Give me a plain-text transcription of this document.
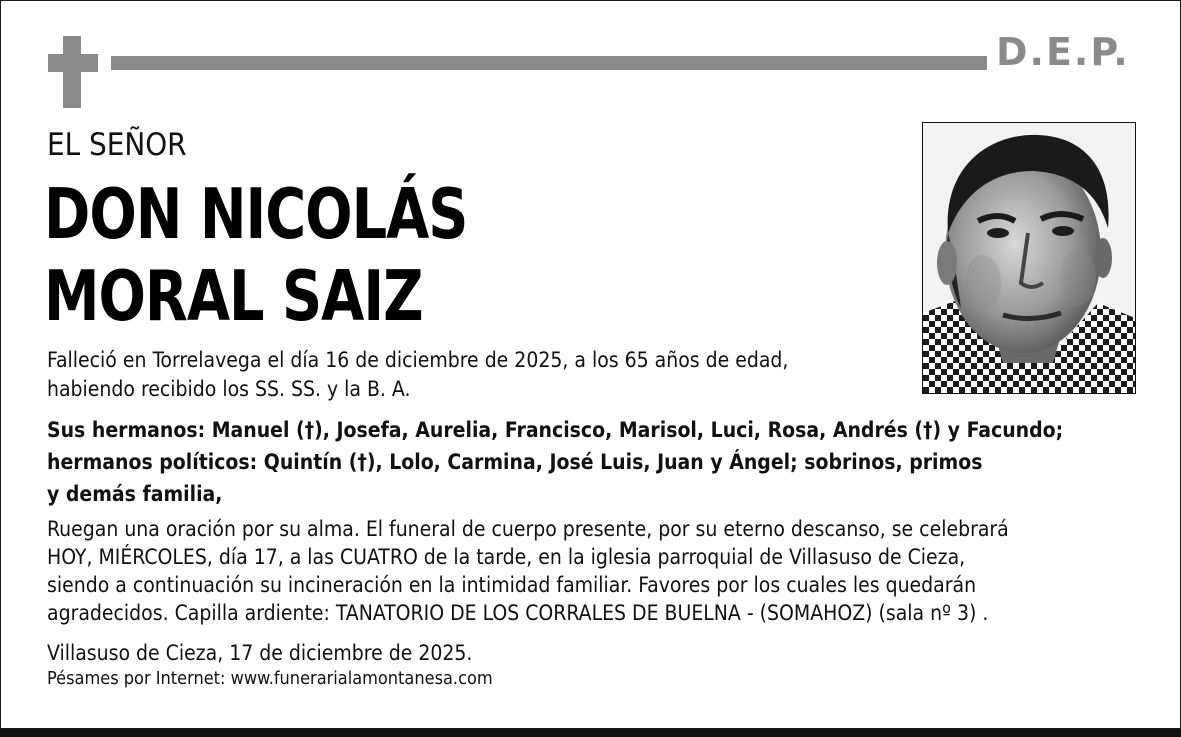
D.E.P.
EL SEÑOR
DON NICOLÁS
MORAL SAIZ
Falleció en Torrelavega el día 16 de diciembre de 2025, a los 65 años de edad,
habiendo recibido los SS. SS. y la B. A.
Sus hermanos: Manuel (†), Josefa, Aurelia, Francisco, Marisol, Luci, Rosa, Andrés (†) y Facundo;
hermanos políticos: Quintín (†), Lolo, Carmina, José Luis, Juan y Ángel; sobrinos, primos
y demás familia,
Ruegan una oración por su alma. El funeral de cuerpo presente, por su eterno descanso, se celebrará
HOY, MIÉRCOLES, día 17, a las CUATRO de la tarde, en la iglesia parroquial de Villasuso de Cieza,
siendo a continuación su incineración en la intimidad familiar. Favores por los cuales les quedarán
agradecidos. Capilla ardiente: TANATORIO DE LOS CORRALES DE BUELNA - (SOMAHOZ) (sala nº 3) .
Villasuso de Cieza, 17 de diciembre de 2025.
Pésames por Internet: www.funerarialamontanesa.com
